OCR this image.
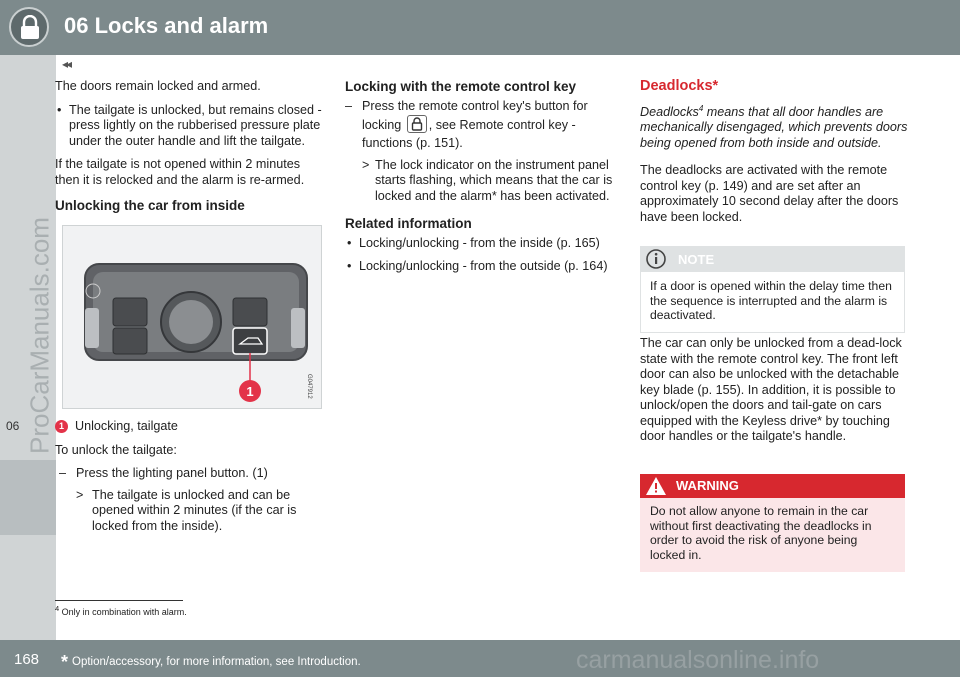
06 Locks and alarm
06 ProCarManuals.com
◂◂

The doors remain locked and armed.

• The tailgate is unlocked, but remains closed - press lightly on the rubberised pressure plate under the outer handle and lift the tailgate.

If the tailgate is not opened within 2 minutes then it is relocked and the alarm is re-armed.

Unlocking the car from inside
1	G047912

1 Unlocking, tailgate

To unlock the tailgate:

– Press the lighting panel button. (1)
> The tailgate is unlocked and can be opened within 2 minutes (if the car is locked from the inside).
Locking with the remote control key
– Press the remote control key's button for
locking , see Remote control key - functions (p. 151).
> The lock indicator on the instrument panel starts flashing, which means that the car is locked and the alarm* has been activated.
Related information
• Locking/unlocking - from the inside (p. 165)
• Locking/unlocking - from the outside (p. 164)
Deadlocks*

Deadlocks$^4$ means that all door handles are mechanically disengaged, which prevents doors being opened from both inside and outside.

The deadlocks are activated with the remote control key (p. 149) and are set after an approximately 10 second delay after the doors have been locked.

NOTE
If a door is opened within the delay time then the sequence is interrupted and the alarm is deactivated.

The car can only be unlocked from a dead-lock state with the remote control key. The front left door can also be unlocked with the detachable key blade (p. 155). In addition, it is possible to unlock/open the doors and tail-gate on cars equipped with the Keyless drive* by touching door handles or the tailgate's handle.

WARNING
Do not allow anyone to remain in the car without first deactivating the deadlocks in order to avoid the risk of anyone being locked in.
$^4$ Only in combination with alarm.
168 * Option/accessory, for more information, see Introduction.	carmanualsonline.info
